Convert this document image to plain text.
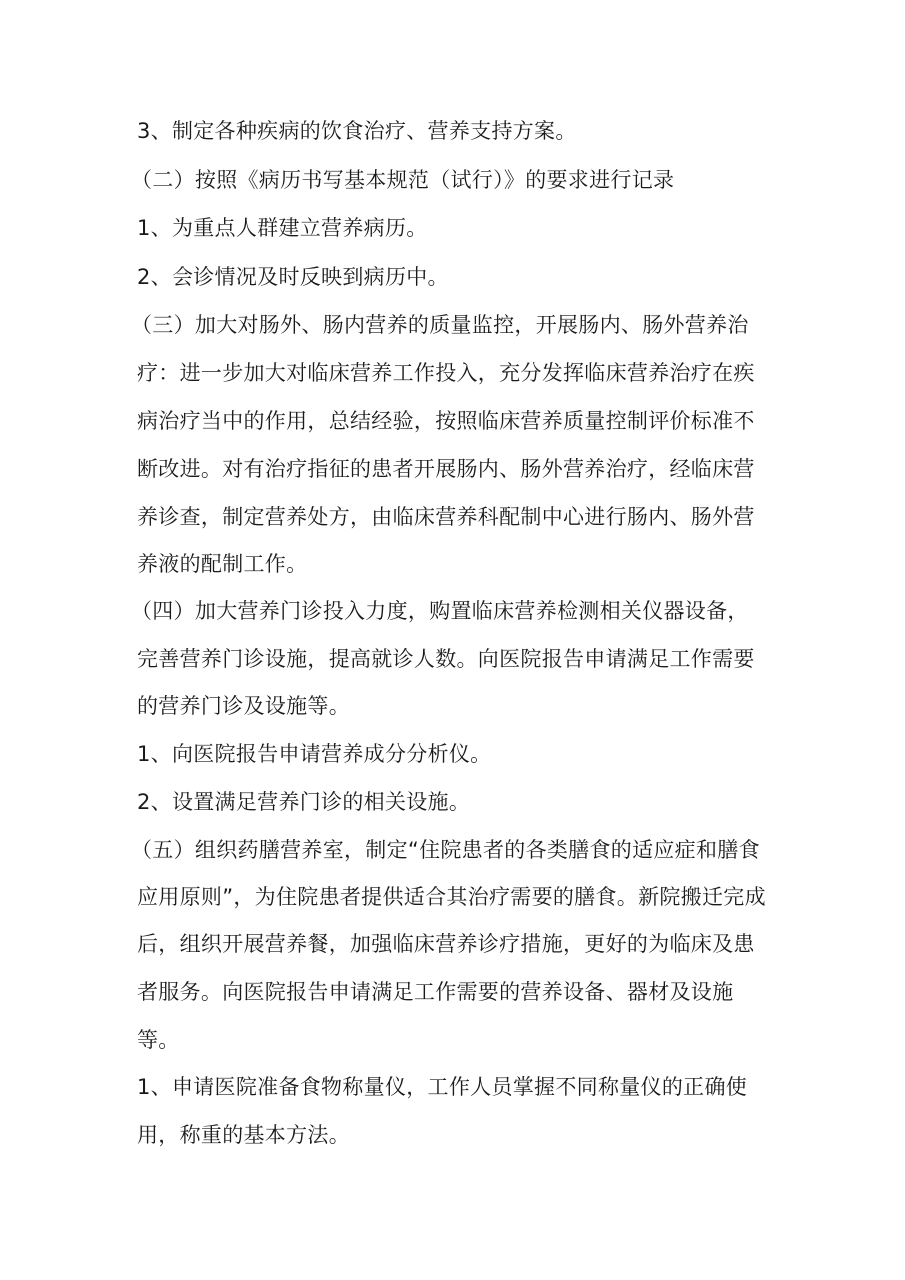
3、制定各种疾病的饮食治疗、营养支持方案。
（二）按照《病历书写基本规范（试行）》的要求进行记录
1、为重点人群建立营养病历。
2、会诊情况及时反映到病历中。
（三）加大对肠外、肠内营养的质量监控，开展肠内、肠外营养治
疗：进一步加大对临床营养工作投入，充分发挥临床营养治疗在疾
病治疗当中的作用，总结经验，按照临床营养质量控制评价标准不
断改进。对有治疗指征的患者开展肠内、肠外营养治疗，经临床营
养诊查，制定营养处方，由临床营养科配制中心进行肠内、肠外营
养液的配制工作。
（四）加大营养门诊投入力度，购置临床营养检测相关仪器设备，
完善营养门诊设施，提高就诊人数。向医院报告申请满足工作需要
的营养门诊及设施等。
1、向医院报告申请营养成分分析仪。
2、设置满足营养门诊的相关设施。
（五）组织药膳营养室，制定“住院患者的各类膳食的适应症和膳食
应用原则”，为住院患者提供适合其治疗需要的膳食。新院搬迁完成
后，组织开展营养餐，加强临床营养诊疗措施，更好的为临床及患
者服务。向医院报告申请满足工作需要的营养设备、器材及设施
等。
1、申请医院准备食物称量仪，工作人员掌握不同称量仪的正确使
用，称重的基本方法。
